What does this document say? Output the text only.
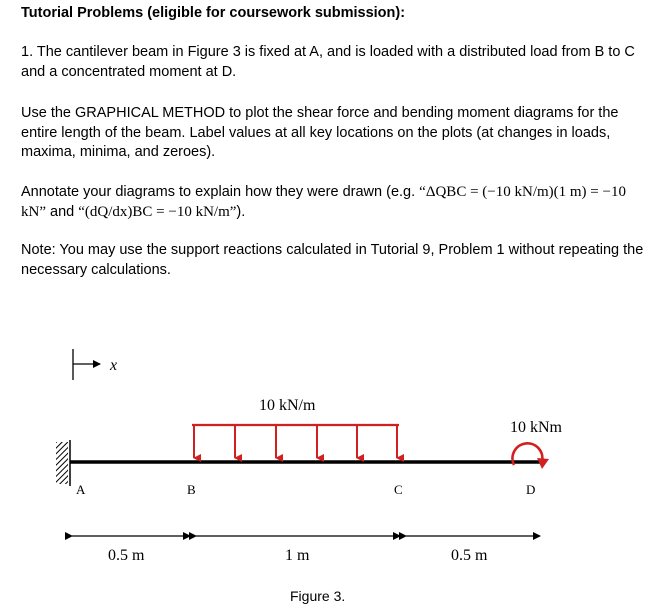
Tutorial Problems (eligible for coursework submission):
1. The cantilever beam in Figure 3 is fixed at A, and is loaded with a distributed load from B to C and a concentrated moment at D.
Use the GRAPHICAL METHOD to plot the shear force and bending moment diagrams for the entire length of the beam. Label values at all key locations on the plots (at changes in loads, maxima, minima, and zeroes).
Annotate your diagrams to explain how they were drawn (e.g. “ΔQBC = (−10 kN/m)(1 m) = −10 kN” and “(dQ/dx)BC = −10 kN/m”).
Note: You may use the support reactions calculated in Tutorial 9, Problem 1 without repeating the necessary calculations.
x
10 kN/m
10 kNm
A	B	C	D
0.5 m	1 m	0.5 m
Figure 3.
